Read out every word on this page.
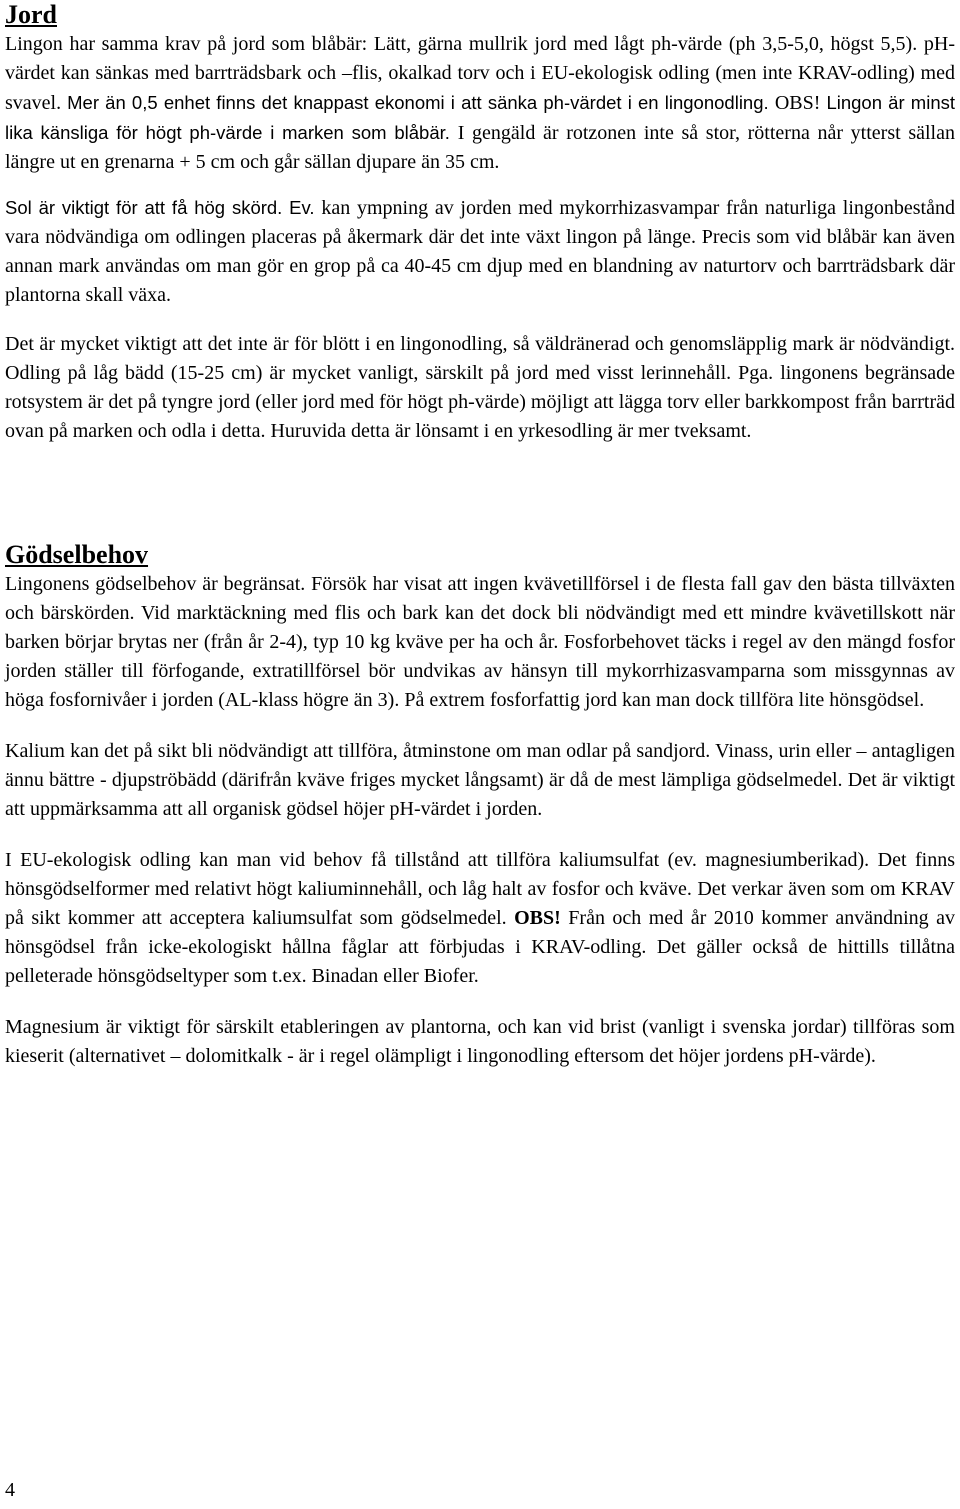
Jord

Lingon har samma krav på jord som blåbär: Lätt, gärna mullrik jord med lågt ph-värde (ph 3,5-5,0, högst 5,5). pH-värdet kan sänkas med barrträdsbark och –flis, okalkad torv och i EU-ekologisk odling (men inte KRAV-odling) med svavel. Mer än 0,5 enhet finns det knappast ekonomi i att sänka ph-värdet i en lingonodling. OBS! Lingon är minst lika känsliga för högt ph-värde i marken som blåbär. I gengäld är rotzonen inte så stor, rötterna når ytterst sällan längre ut en grenarna + 5 cm och går sällan djupare än 35 cm.

Sol är viktigt för att få hög skörd. Ev. kan ympning av jorden med mykorrhizasvampar från naturliga lingonbestånd vara nödvändiga om odlingen placeras på åkermark där det inte växt lingon på länge. Precis som vid blåbär kan även annan mark användas om man gör en grop på ca 40-45 cm djup med en blandning av naturtorv och barrträdsbark där plantorna skall växa.

Det är mycket viktigt att det inte är för blött i en lingonodling, så väldränerad och genomsläpplig mark är nödvändigt. Odling på låg bädd (15-25 cm) är mycket vanligt, särskilt på jord med visst lerinnehåll. Pga. lingonens begränsade rotsystem är det på tyngre jord (eller jord med för högt ph-värde) möjligt att lägga torv eller barkkompost från barrträd ovan på marken och odla i detta. Huruvida detta är lönsamt i en yrkesodling är mer tveksamt.

Gödselbehov

Lingonens gödselbehov är begränsat. Försök har visat att ingen kvävetillförsel i de flesta fall gav den bästa tillväxten och bärskörden. Vid marktäckning med flis och bark kan det dock bli nödvändigt med ett mindre kvävetillskott när barken börjar brytas ner (från år 2-4), typ 10 kg kväve per ha och år. Fosforbehovet täcks i regel av den mängd fosfor jorden ställer till förfogande, extratillförsel bör undvikas av hänsyn till mykorrhizasvamparna som missgynnas av höga fosfornivåer i jorden (AL-klass högre än 3). På extrem fosforfattig jord kan man dock tillföra lite hönsgödsel.

Kalium kan det på sikt bli nödvändigt att tillföra, åtminstone om man odlar på sandjord. Vinass, urin eller – antagligen ännu bättre - djupströbädd (därifrån kväve friges mycket långsamt) är då de mest lämpliga gödselmedel. Det är viktigt att uppmärksamma att all organisk gödsel höjer pH-värdet i jorden.

I EU-ekologisk odling kan man vid behov få tillstånd att tillföra kaliumsulfat (ev. magnesiumberikad). Det finns hönsgödselformer med relativt högt kaliuminnehåll, och låg halt av fosfor och kväve. Det verkar även som om KRAV på sikt kommer att acceptera kaliumsulfat som gödselmedel. OBS! Från och med år 2010 kommer användning av hönsgödsel från icke-ekologiskt hållna fåglar att förbjudas i KRAV-odling. Det gäller också de hittills tillåtna pelleterade hönsgödseltyper som t.ex. Binadan eller Biofer.

Magnesium är viktigt för särskilt etableringen av plantorna, och kan vid brist (vanligt i svenska jordar) tillföras som kieserit (alternativet – dolomitkalk - är i regel olämpligt i lingonodling eftersom det höjer jordens pH-värde).

4
